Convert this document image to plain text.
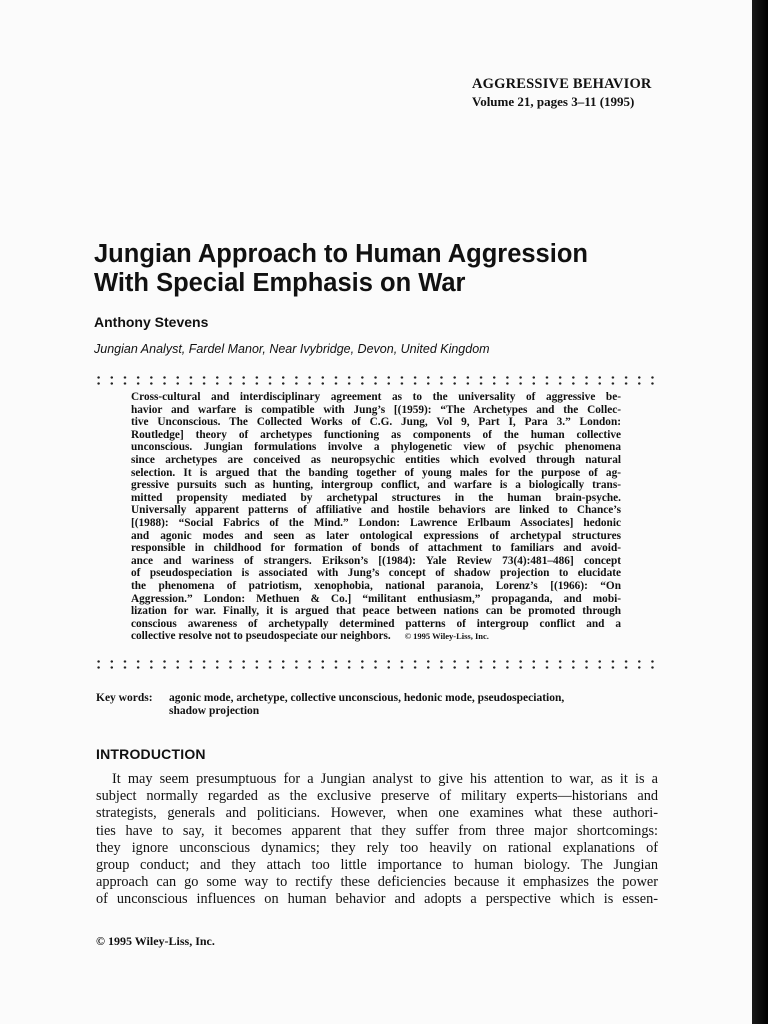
AGGRESSIVE BEHAVIOR
Volume 21, pages 3–11 (1995)
Jungian Approach to Human Aggression
With Special Emphasis on War
Anthony Stevens
Jungian Analyst, Fardel Manor, Near Ivybridge, Devon, United Kingdom
Cross-cultural and interdisciplinary agreement as to the universality of aggressive be-
havior and warfare is compatible with Jung’s [(1959): “The Archetypes and the Collec-
tive Unconscious. The Collected Works of C.G. Jung, Vol 9, Part I, Para 3.” London:
Routledge] theory of archetypes functioning as components of the human collective
unconscious. Jungian formulations involve a phylogenetic view of psychic phenomena
since archetypes are conceived as neuropsychic entities which evolved through natural
selection. It is argued that the banding together of young males for the purpose of ag-
gressive pursuits such as hunting, intergroup conflict, and warfare is a biologically trans-
mitted propensity mediated by archetypal structures in the human brain-psyche.
Universally apparent patterns of affiliative and hostile behaviors are linked to Chance’s
[(1988): “Social Fabrics of the Mind.” London: Lawrence Erlbaum Associates] hedonic
and agonic modes and seen as later ontological expressions of archetypal structures
responsible in childhood for formation of bonds of attachment to familiars and avoid-
ance and wariness of strangers. Erikson’s [(1984): Yale Review 73(4):481–486] concept
of pseudospeciation is associated with Jung’s concept of shadow projection to elucidate
the phenomena of patriotism, xenophobia, national paranoia, Lorenz’s [(1966): “On
Aggression.” London: Methuen & Co.] “militant enthusiasm,” propaganda, and mobi-
lization for war. Finally, it is argued that peace between nations can be promoted through
conscious awareness of archetypally determined patterns of intergroup conflict and a
collective resolve not to pseudospeciate our neighbors. © 1995 Wiley-Liss, Inc.
Key words: agonic mode, archetype, collective unconscious, hedonic mode, pseudospeciation,
shadow projection
INTRODUCTION
It may seem presumptuous for a Jungian analyst to give his attention to war, as it is a
subject normally regarded as the exclusive preserve of military experts—historians and
strategists, generals and politicians. However, when one examines what these authori-
ties have to say, it becomes apparent that they suffer from three major shortcomings:
they ignore unconscious dynamics; they rely too heavily on rational explanations of
group conduct; and they attach too little importance to human biology. The Jungian
approach can go some way to rectify these deficiencies because it emphasizes the power
of unconscious influences on human behavior and adopts a perspective which is essen-
© 1995 Wiley-Liss, Inc.
